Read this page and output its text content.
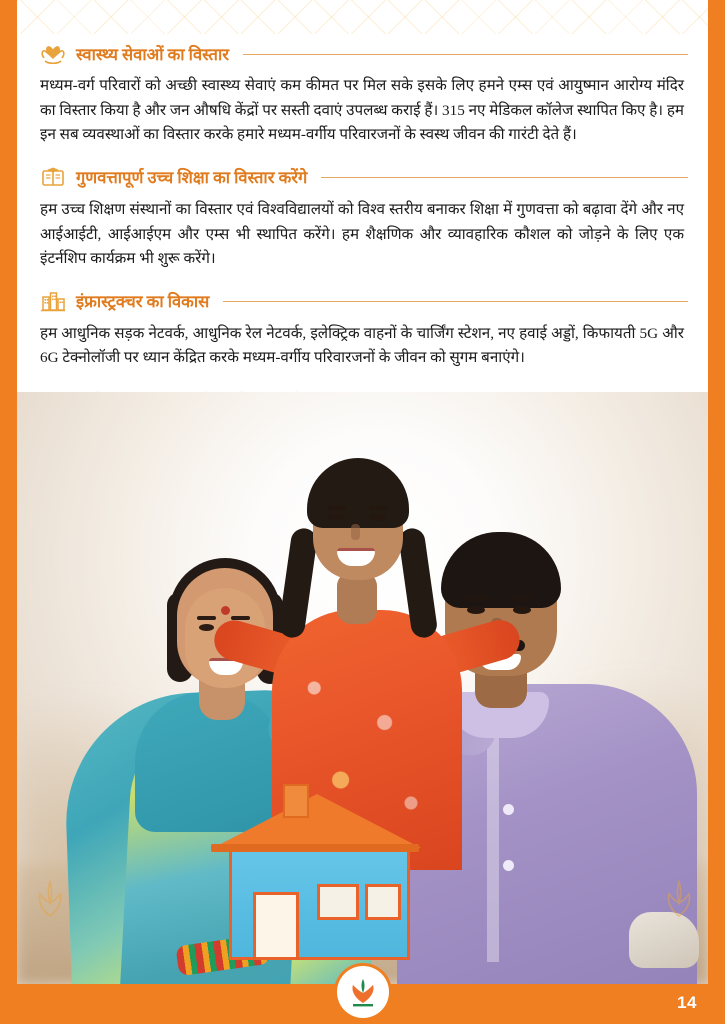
स्वास्थ्य सेवाओं का विस्तार
मध्यम-वर्ग परिवारों को अच्छी स्वास्थ्य सेवाएं कम कीमत पर मिल सके इसके लिए हमने एम्स एवं आयुष्मान आरोग्य मंदिर का विस्तार किया है और जन औषधि केंद्रों पर सस्ती दवाएं उपलब्ध कराई हैं। 315 नए मेडिकल कॉलेज स्थापित किए है। हम इन सब व्यवस्थाओं का विस्तार करके हमारे मध्यम-वर्गीय परिवारजनों के स्वस्थ जीवन की गारंटी देते हैं।
गुणवत्तापूर्ण उच्च शिक्षा का विस्तार करेंगे
हम उच्च शिक्षण संस्थानों का विस्तार एवं विश्वविद्यालयों को विश्व स्तरीय बनाकर शिक्षा में गुणवत्ता को बढ़ावा देंगे और नए आईआईटी, आईआईएम और एम्स भी स्थापित करेंगे। हम शैक्षणिक और व्यावहारिक कौशल को जोड़ने के लिए एक इंटर्नशिप कार्यक्रम भी शुरू करेंगे।
इंफ्रास्ट्रक्चर का विकास
हम आधुनिक सड़क नेटवर्क, आधुनिक रेल नेटवर्क, इलेक्ट्रिक वाहनों के चार्जिंग स्टेशन, नए हवाई अड्डों, किफायती 5G और 6G टेक्नोलॉजी पर ध्यान केंद्रित करके मध्यम-वर्गीय परिवारजनों के जीवन को सुगम बनाएंगे।
14
